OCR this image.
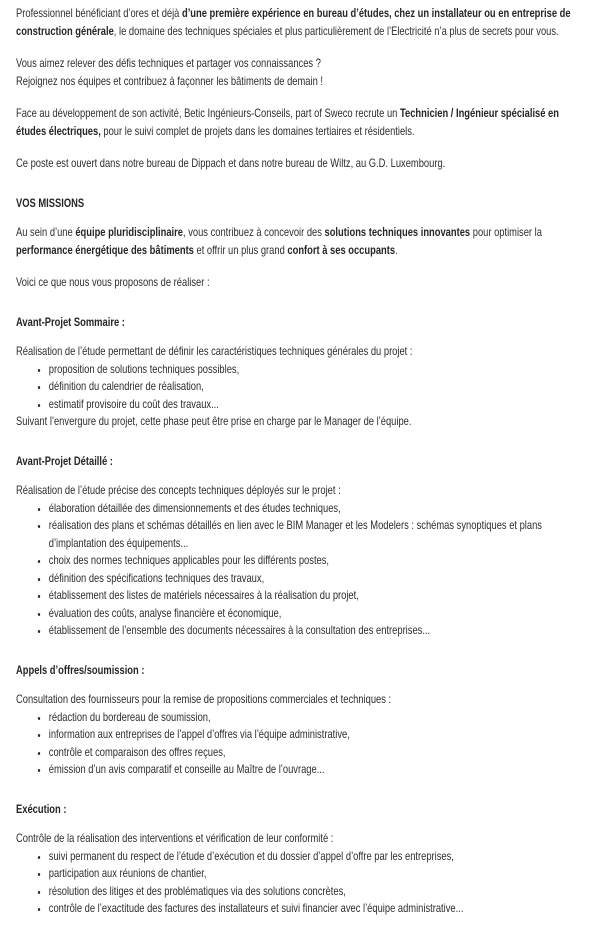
Professionnel bénéficiant d’ores et déjà d’une première expérience en bureau d’études, chez un installateur ou en entreprise de construction générale, le domaine des techniques spéciales et plus particulièrement de l’Electricité n’a plus de secrets pour vous.

Vous aimez relever des défis techniques et partager vos connaissances ?
Rejoignez nos équipes et contribuez à façonner les bâtiments de demain !

Face au développement de son activité, Betic Ingénieurs-Conseils, part of Sweco recrute un Technicien / Ingénieur spécialisé en études électriques, pour le suivi complet de projets dans les domaines tertiaires et résidentiels.

Ce poste est ouvert dans notre bureau de Dippach et dans notre bureau de Wiltz, au G.D. Luxembourg.

VOS MISSIONS

Au sein d’une équipe pluridisciplinaire, vous contribuez à concevoir des solutions techniques innovantes pour optimiser la performance énergétique des bâtiments et offrir un plus grand confort à ses occupants.

Voici ce que nous vous proposons de réaliser :

Avant-Projet Sommaire :

Réalisation de l’étude permettant de définir les caractéristiques techniques générales du projet :

• proposition de solutions techniques possibles,
• définition du calendrier de réalisation,
• estimatif provisoire du coût des travaux...

Suivant l’envergure du projet, cette phase peut être prise en charge par le Manager de l’équipe.

Avant-Projet Détaillé :

Réalisation de l’étude précise des concepts techniques déployés sur le projet :

• élaboration détaillée des dimensionnements et des études techniques,
• réalisation des plans et schémas détaillés en lien avec le BIM Manager et les Modelers : schémas synoptiques et plans d’implantation des équipements...
• choix des normes techniques applicables pour les différents postes,
• définition des spécifications techniques des travaux,
• établissement des listes de matériels nécessaires à la réalisation du projet,
• évaluation des coûts, analyse financière et économique,
• établissement de l’ensemble des documents nécessaires à la consultation des entreprises...
Appels d’offres/soumission :

Consultation des fournisseurs pour la remise de propositions commerciales et techniques :

• rédaction du bordereau de soumission,
• information aux entreprises de l’appel d’offres via l’équipe administrative,
• contrôle et comparaison des offres reçues,
• émission d’un avis comparatif et conseille au Maître de l’ouvrage...
Exécution :

Contrôle de la réalisation des interventions et vérification de leur conformité :

• suivi permanent du respect de l’étude d’exécution et du dossier d’appel d’offre par les entreprises,
• participation aux réunions de chantier,
• résolution des litiges et des problématiques via des solutions concrètes,
• contrôle de l’exactitude des factures des installateurs et suivi financier avec l’équipe administrative...
